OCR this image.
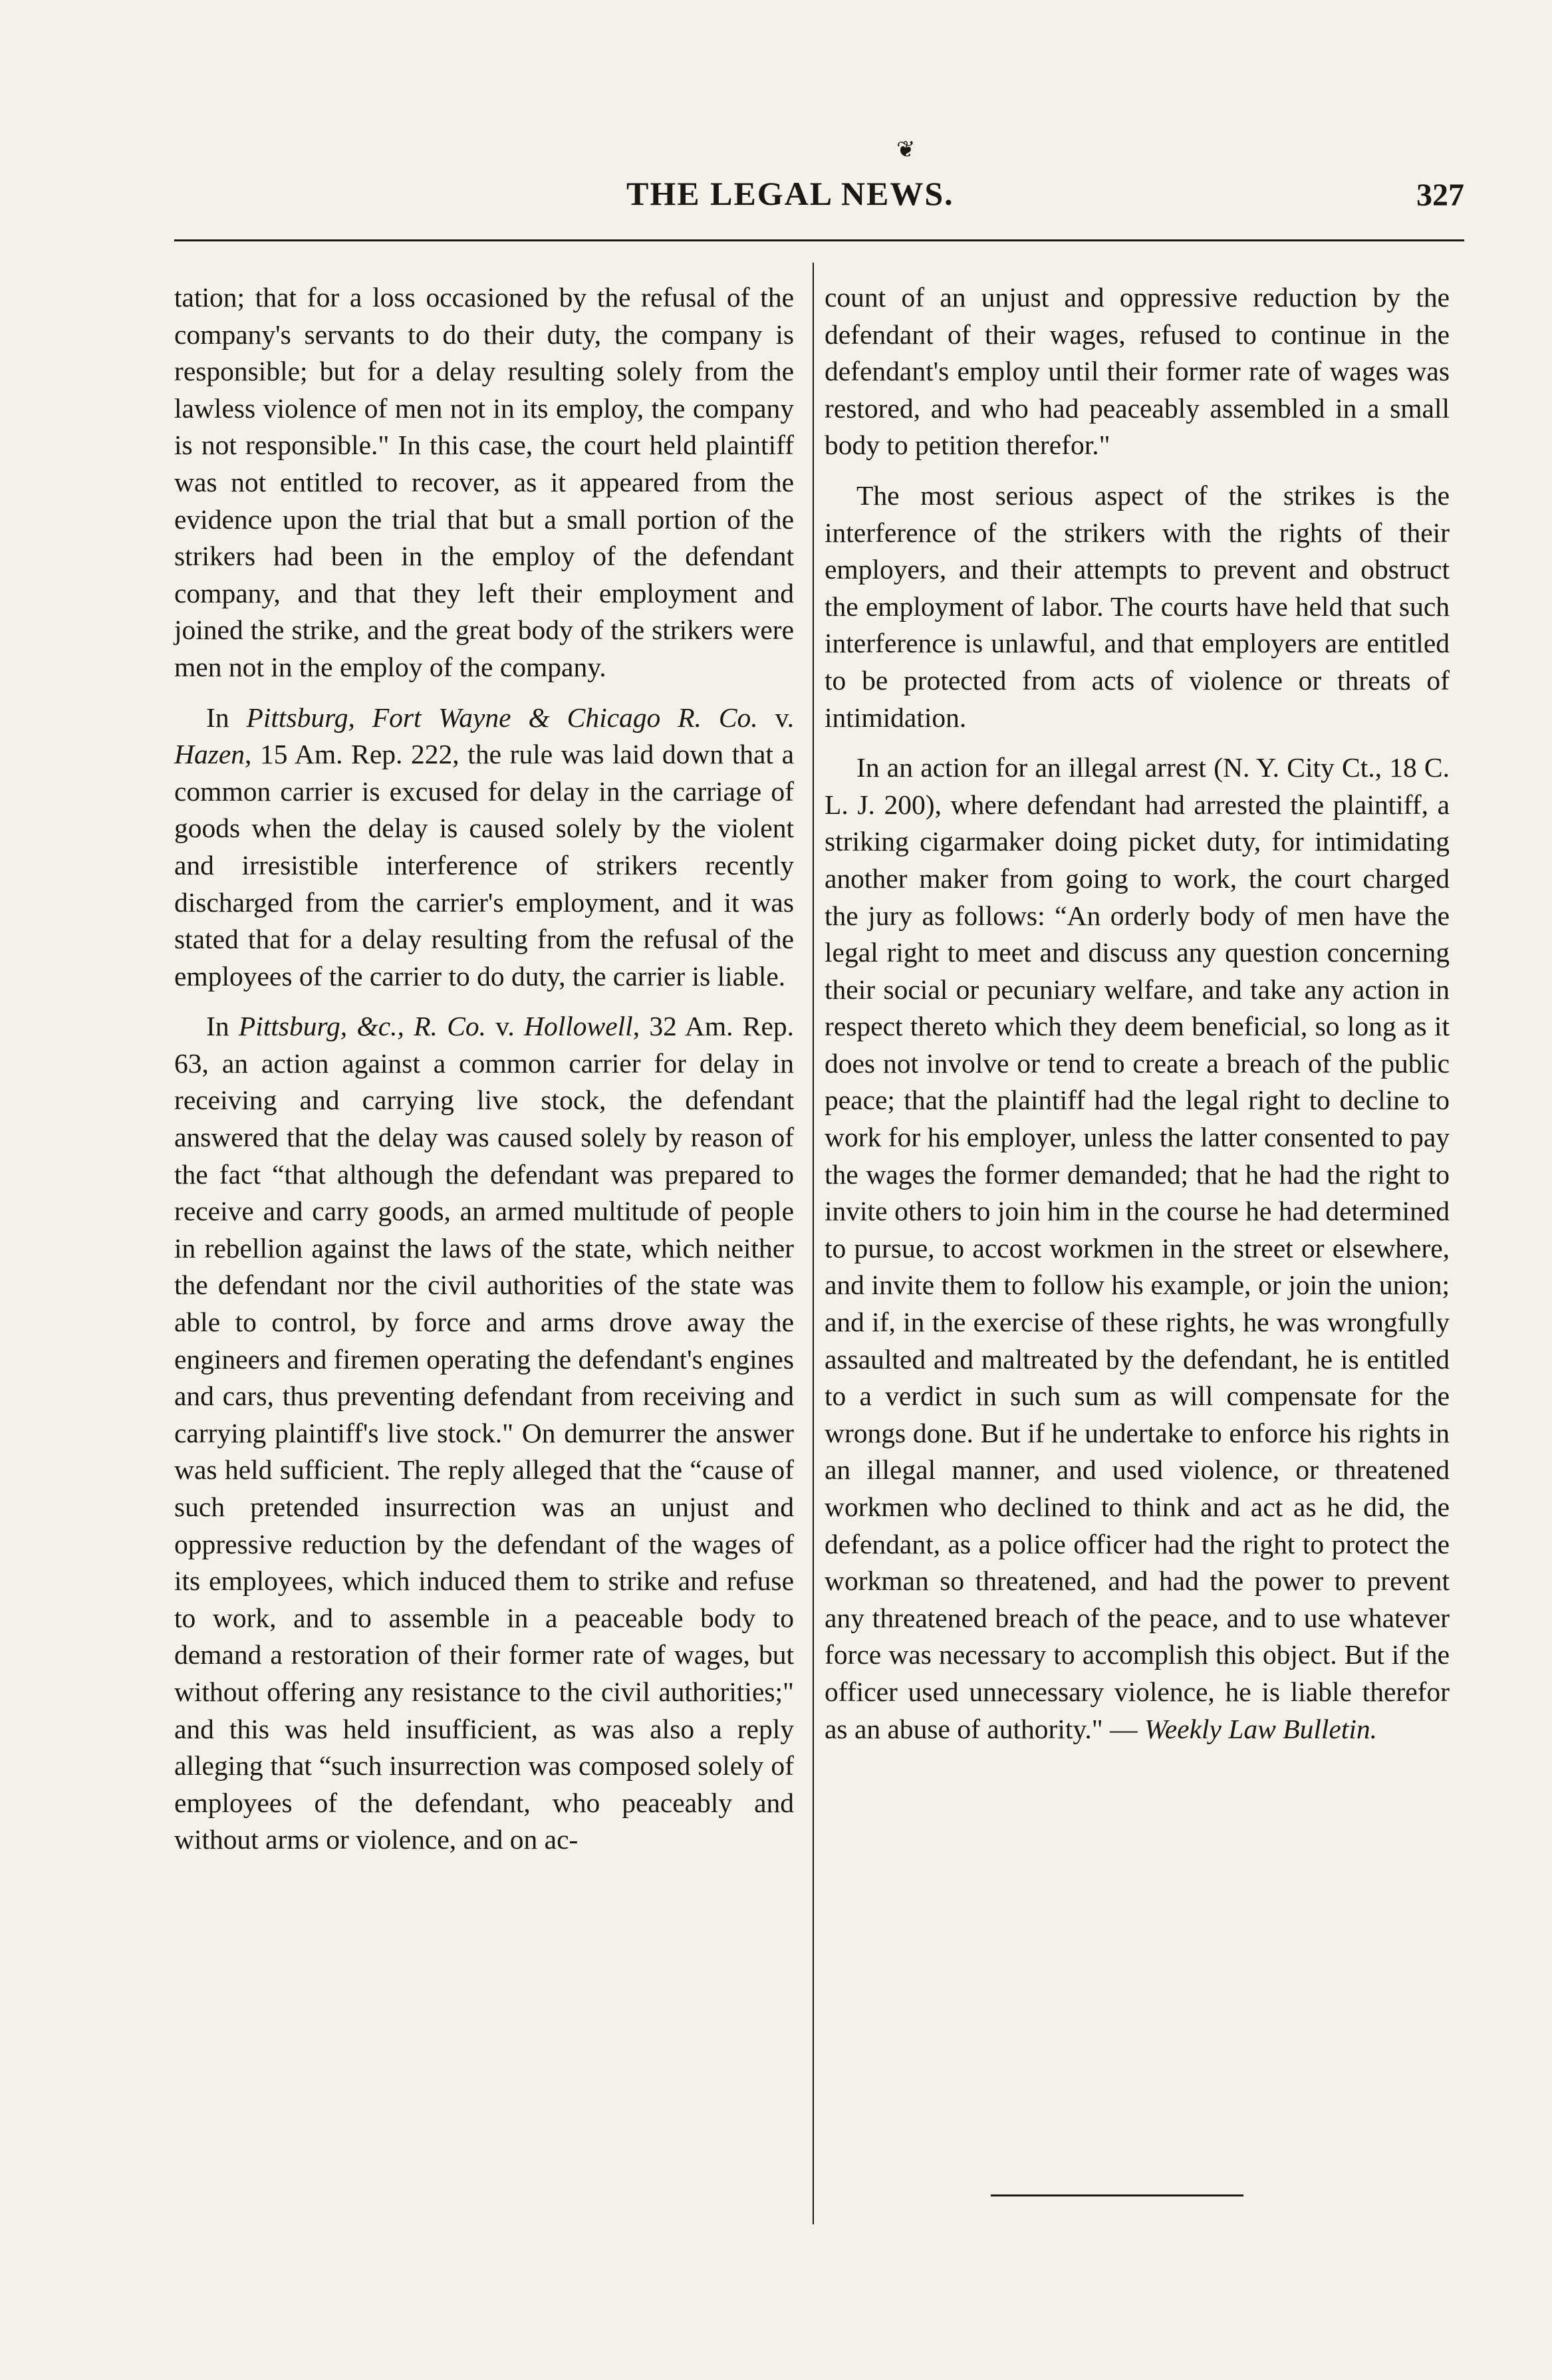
❦
THE LEGAL NEWS.	327

tation; that for a loss occasioned by the refusal of the company's servants to do their duty, the company is responsible; but for a delay resulting solely from the lawless violence of men not in its employ, the company is not responsible." In this case, the court held plaintiff was not entitled to recover, as it appeared from the evidence upon the trial that but a small portion of the strikers had been in the employ of the defendant company, and that they left their employment and joined the strike, and the great body of the strikers were men not in the employ of the company.

In Pittsburg, Fort Wayne & Chicago R. Co. v. Hazen, 15 Am. Rep. 222, the rule was laid down that a common carrier is excused for delay in the carriage of goods when the delay is caused solely by the violent and irresistible interference of strikers recently discharged from the carrier's employment, and it was stated that for a delay resulting from the refusal of the employees of the carrier to do duty, the carrier is liable.

In Pittsburg, &c., R. Co. v. Hollowell, 32 Am. Rep. 63, an action against a common carrier for delay in receiving and carrying live stock, the defendant answered that the delay was caused solely by reason of the fact “that although the defendant was prepared to receive and carry goods, an armed multitude of people in rebellion against the laws of the state, which neither the defendant nor the civil authorities of the state was able to control, by force and arms drove away the engineers and firemen operating the defendant's engines and cars, thus preventing defendant from receiving and carrying plaintiff's live stock." On demurrer the answer was held sufficient. The reply alleged that the “cause of such pretended insurrection was an unjust and oppressive reduction by the defendant of the wages of its employees, which induced them to strike and refuse to work, and to assemble in a peaceable body to demand a restoration of their former rate of wages, but without offering any resistance to the civil authorities;" and this was held insufficient, as was also a reply alleging that “such insurrection was composed solely of employees of the defendant, who peaceably and without arms or violence, and on ac-

count of an unjust and oppressive reduction by the defendant of their wages, refused to continue in the defendant's employ until their former rate of wages was restored, and who had peaceably assembled in a small body to petition therefor."

The most serious aspect of the strikes is the interference of the strikers with the rights of their employers, and their attempts to prevent and obstruct the employment of labor. The courts have held that such interference is unlawful, and that employers are entitled to be protected from acts of violence or threats of intimidation.

In an action for an illegal arrest (N. Y. City Ct., 18 C. L. J. 200), where defendant had arrested the plaintiff, a striking cigarmaker doing picket duty, for intimidating another maker from going to work, the court charged the jury as follows: “An orderly body of men have the legal right to meet and discuss any question concerning their social or pecuniary welfare, and take any action in respect thereto which they deem beneficial, so long as it does not involve or tend to create a breach of the public peace; that the plaintiff had the legal right to decline to work for his employer, unless the latter consented to pay the wages the former demanded; that he had the right to invite others to join him in the course he had determined to pursue, to accost workmen in the street or elsewhere, and invite them to follow his example, or join the union; and if, in the exercise of these rights, he was wrongfully assaulted and maltreated by the defendant, he is entitled to a verdict in such sum as will compensate for the wrongs done. But if he undertake to enforce his rights in an illegal manner, and used violence, or threatened workmen who declined to think and act as he did, the defendant, as a police officer had the right to protect the workman so threatened, and had the power to prevent any threatened breach of the peace, and to use whatever force was necessary to accomplish this object. But if the officer used unnecessary violence, he is liable therefor as an abuse of authority." — Weekly Law Bulletin.
